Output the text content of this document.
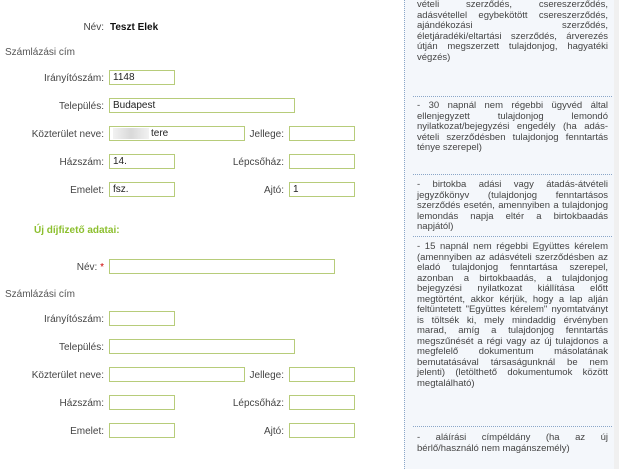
Név: Teszt Elek
Számlázási cím
Irányítószám: 1148
Település: Budapest
Közterület neve:	tere	Jellege:
Házszám: 14.	Lépcsőház:
Emelet: fsz.	Ajtó: 1
Új díjfizető adatai:
Név: *
Számlázási cím
Irányítószám:
Település:
Közterület neve:	Jellege:
Házszám:	Lépcsőház:
Emelet:	Ajtó:
vételi szerződés, csereszerződés, adásvétellel egybekötött csereszerződés, ajándékozási szerződés, életjáradéki/eltartási szerződés, árverezés útján megszerzett tulajdonjog, hagyatéki végzés)
- 30 napnál nem régebbi ügyvéd által ellenjegyzett tulajdonjog lemondó nyilatkozat/bejegyzési engedély (ha adás-vételi szerződésben tulajdonjog fenntartás ténye szerepel)
- birtokba adási vagy átadás-átvételi jegyzőkönyv (tulajdonjog fenntartásos szerződés esetén, amennyiben a tulajdonjog lemondás napja eltér a birtokbaadás napjától)
- 15 napnál nem régebbi Együttes kérelem (amennyiben az adásvételi szerződésben az eladó tulajdonjog fenntartása szerepel, azonban a birtokbaadás, a tulajdonjog bejegyzési nyilatkozat kiállítása előtt megtörtént, akkor kérjük, hogy a lap alján feltüntetett "Együttes kérelem" nyomtatványt is töltsék ki, mely mindaddig érvényben marad, amíg a tulajdonjog fenntartás megszűnését a régi vagy az új tulajdonos a megfelelő dokumentum másolatának bemutatásával társaságunknál be nem jelenti) (letölthető dokumentumok között megtalálható)
- aláírási címpéldány (ha az új bérlő/használó nem magánszemély)
